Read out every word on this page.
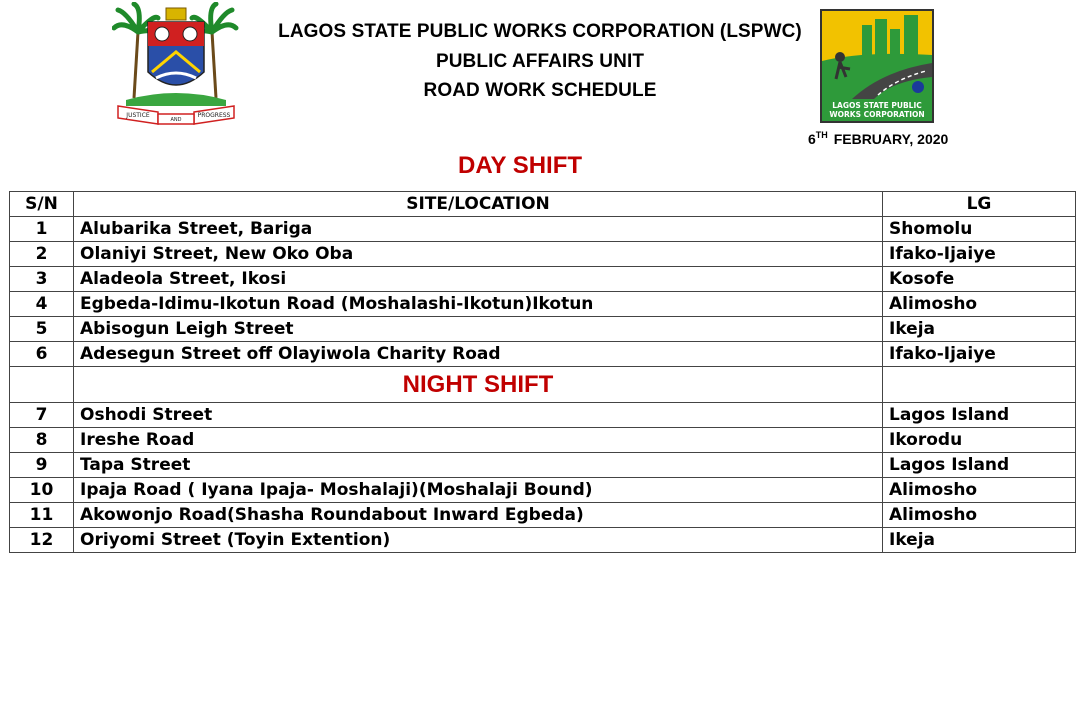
JUSTICE
AND
PROGRESS
LAGOS STATE PUBLIC WORKS CORPORATION (LSPWC)
PUBLIC AFFAIRS UNIT
ROAD WORK SCHEDULE
LAGOS STATE PUBLIC
WORKS CORPORATION
6TH FEBRUARY, 2020
DAY SHIFT
S/N	SITE/LOCATION	LG
1	Alubarika Street, Bariga	Shomolu
2	Olaniyi Street, New Oko Oba	Ifako-Ijaiye
3	Aladeola Street, Ikosi	Kosofe
4	Egbeda-Idimu-Ikotun Road (Moshalashi-Ikotun)Ikotun	Alimosho
5	Abisogun Leigh Street	Ikeja
6	Adesegun Street off Olayiwola Charity Road	Ifako-Ijaiye
	NIGHT SHIFT	
7	Oshodi Street	Lagos Island
8	Ireshe Road	Ikorodu
9	Tapa Street	Lagos Island
10	Ipaja Road ( Iyana Ipaja- Moshalaji)(Moshalaji Bound)	Alimosho
11	Akowonjo Road(Shasha Roundabout Inward Egbeda)	Alimosho
12	Oriyomi Street (Toyin Extention)	Ikeja
